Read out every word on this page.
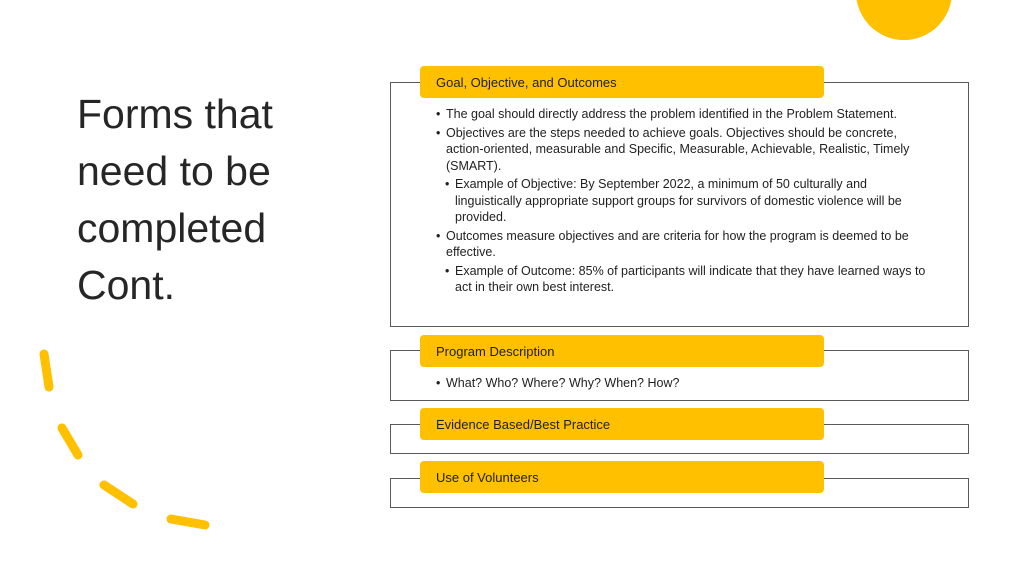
Forms that
need to be
completed
Cont.
Goal, Objective, and Outcomes
• The goal should directly address the problem identified in the Problem Statement.
• Objectives are the steps needed to achieve goals. Objectives should be concrete, action-oriented, measurable and Specific, Measurable, Achievable, Realistic, Timely (SMART).
• Example of Objective: By September 2022, a minimum of 50 culturally and linguistically appropriate support groups for survivors of domestic violence will be provided.
• Outcomes measure objectives and are criteria for how the program is deemed to be effective.
• Example of Outcome: 85% of participants will indicate that they have learned ways to act in their own best interest.
Program Description
• What? Who? Where? Why? When? How?
Evidence Based/Best Practice
Use of Volunteers
